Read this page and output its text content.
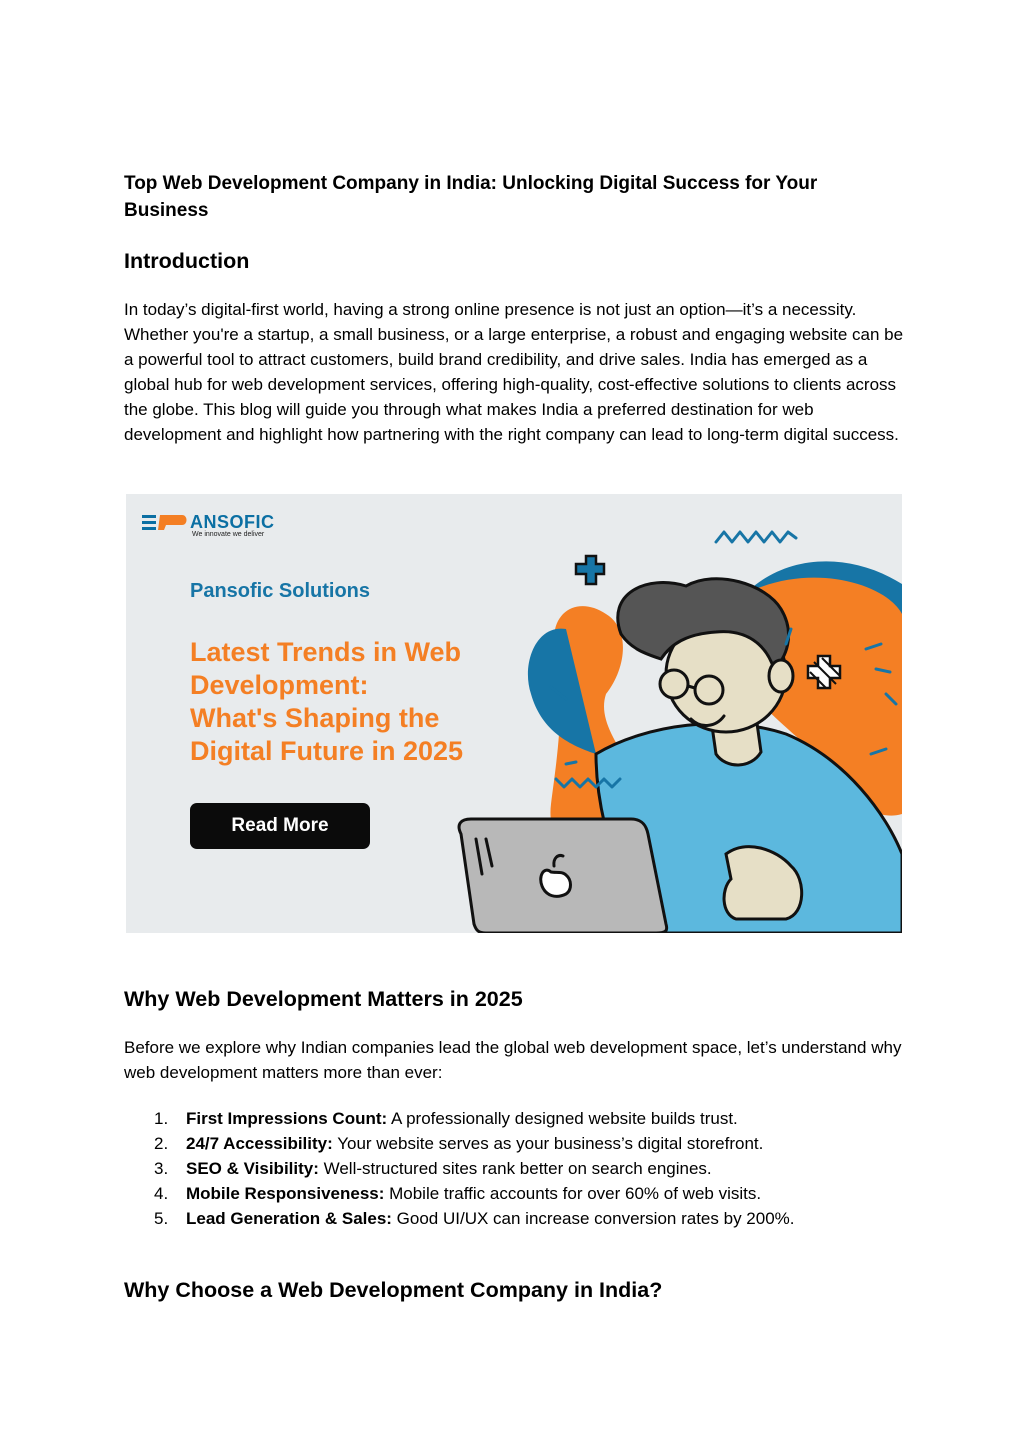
Top Web Development Company in India: Unlocking Digital Success for Your Business
Introduction

In today’s digital-first world, having a strong online presence is not just an option—it’s a necessity. Whether you're a startup, a small business, or a large enterprise, a robust and engaging website can be a powerful tool to attract customers, build brand credibility, and drive sales. India has emerged as a global hub for web development services, offering high-quality, cost-effective solutions to clients across the globe. This blog will guide you through what makes India a preferred destination for web development and highlight how partnering with the right company can lead to long-term digital success.

ANSOFIC
We innovate we deliver
Pansofic Solutions
Latest Trends in Web
Development:
What's Shaping the
Digital Future in 2025
Read More
Why Web Development Matters in 2025

Before we explore why Indian companies lead the global web development space, let’s understand why web development matters more than ever:

1. First Impressions Count: A professionally designed website builds trust.
2. 24/7 Accessibility: Your website serves as your business’s digital storefront.
3. SEO & Visibility: Well-structured sites rank better on search engines.
4. Mobile Responsiveness: Mobile traffic accounts for over 60% of web visits.
5. Lead Generation & Sales: Good UI/UX can increase conversion rates by 200%.
Why Choose a Web Development Company in India?
